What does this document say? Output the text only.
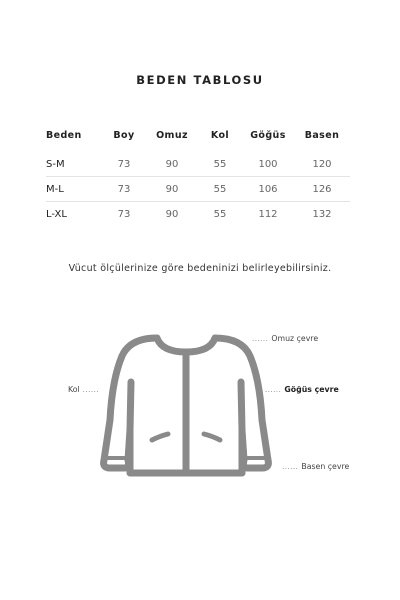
BEDEN TABLOSU
Beden	Boy	Omuz	Kol	Göğüs	Basen
S-M	73	90	55	100	120
M-L	73	90	55	106	126
L-XL	73	90	55	112	132
Vücut ölçülerinize göre bedeninizi belirleyebilirsiniz.
...... Omuz çevre
...... Göğüs çevre
Kol ......
...... Basen çevre
